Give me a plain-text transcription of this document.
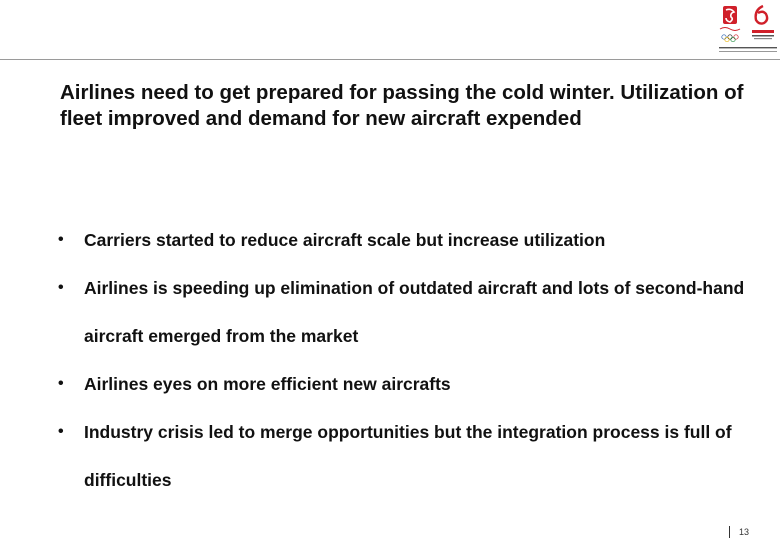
Airlines need to get prepared for passing the cold winter. Utilization of fleet improved and demand for new aircraft expended
• Carriers started to reduce aircraft scale but increase utilization
• Airlines is speeding up elimination of outdated aircraft and lots of second-hand aircraft emerged from the market
• Airlines eyes on more efficient new aircrafts
• Industry crisis led to merge opportunities but the integration process is full of difficulties
13
